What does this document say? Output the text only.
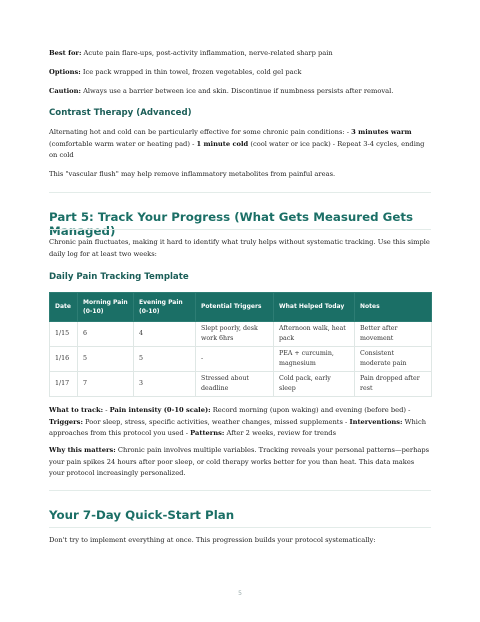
Best for: Acute pain flare-ups, post-activity inflammation, nerve-related sharp pain

Options: Ice pack wrapped in thin towel, frozen vegetables, cold gel pack

Caution: Always use a barrier between ice and skin. Discontinue if numbness persists after removal.

Contrast Therapy (Advanced)

Alternating hot and cold can be particularly effective for some chronic pain conditions: - 3 minutes warm (comfortable warm water or heating pad) - 1 minute cold (cool water or ice pack) - Repeat 3-4 cycles, ending on cold

This "vascular flush" may help remove inflammatory metabolites from painful areas.

Part 5: Track Your Progress (What Gets Measured Gets Managed)

Chronic pain fluctuates, making it hard to identify what truly helps without systematic tracking. Use this simple daily log for at least two weeks:

Daily Pain Tracking Template
Date	Morning Pain (0-10)	Evening Pain (0-10)	Potential Triggers	What Helped Today	Notes
1/15	6	4	Slept poorly, desk work 6hrs	Afternoon walk, heat pack	Better after movement
1/16	5	5	-	PEA + curcumin, magnesium	Consistent moderate pain
1/17	7	3	Stressed about deadline	Cold pack, early sleep	Pain dropped after rest

What to track: - Pain intensity (0-10 scale): Record morning (upon waking) and evening (before bed) - Triggers: Poor sleep, stress, specific activities, weather changes, missed supplements - Interventions: Which approaches from this protocol you used - Patterns: After 2 weeks, review for trends

Why this matters: Chronic pain involves multiple variables. Tracking reveals your personal patterns—perhaps your pain spikes 24 hours after poor sleep, or cold therapy works better for you than heat. This data makes your protocol increasingly personalized.

Your 7-Day Quick-Start Plan

Don't try to implement everything at once. This progression builds your protocol systematically:

5
